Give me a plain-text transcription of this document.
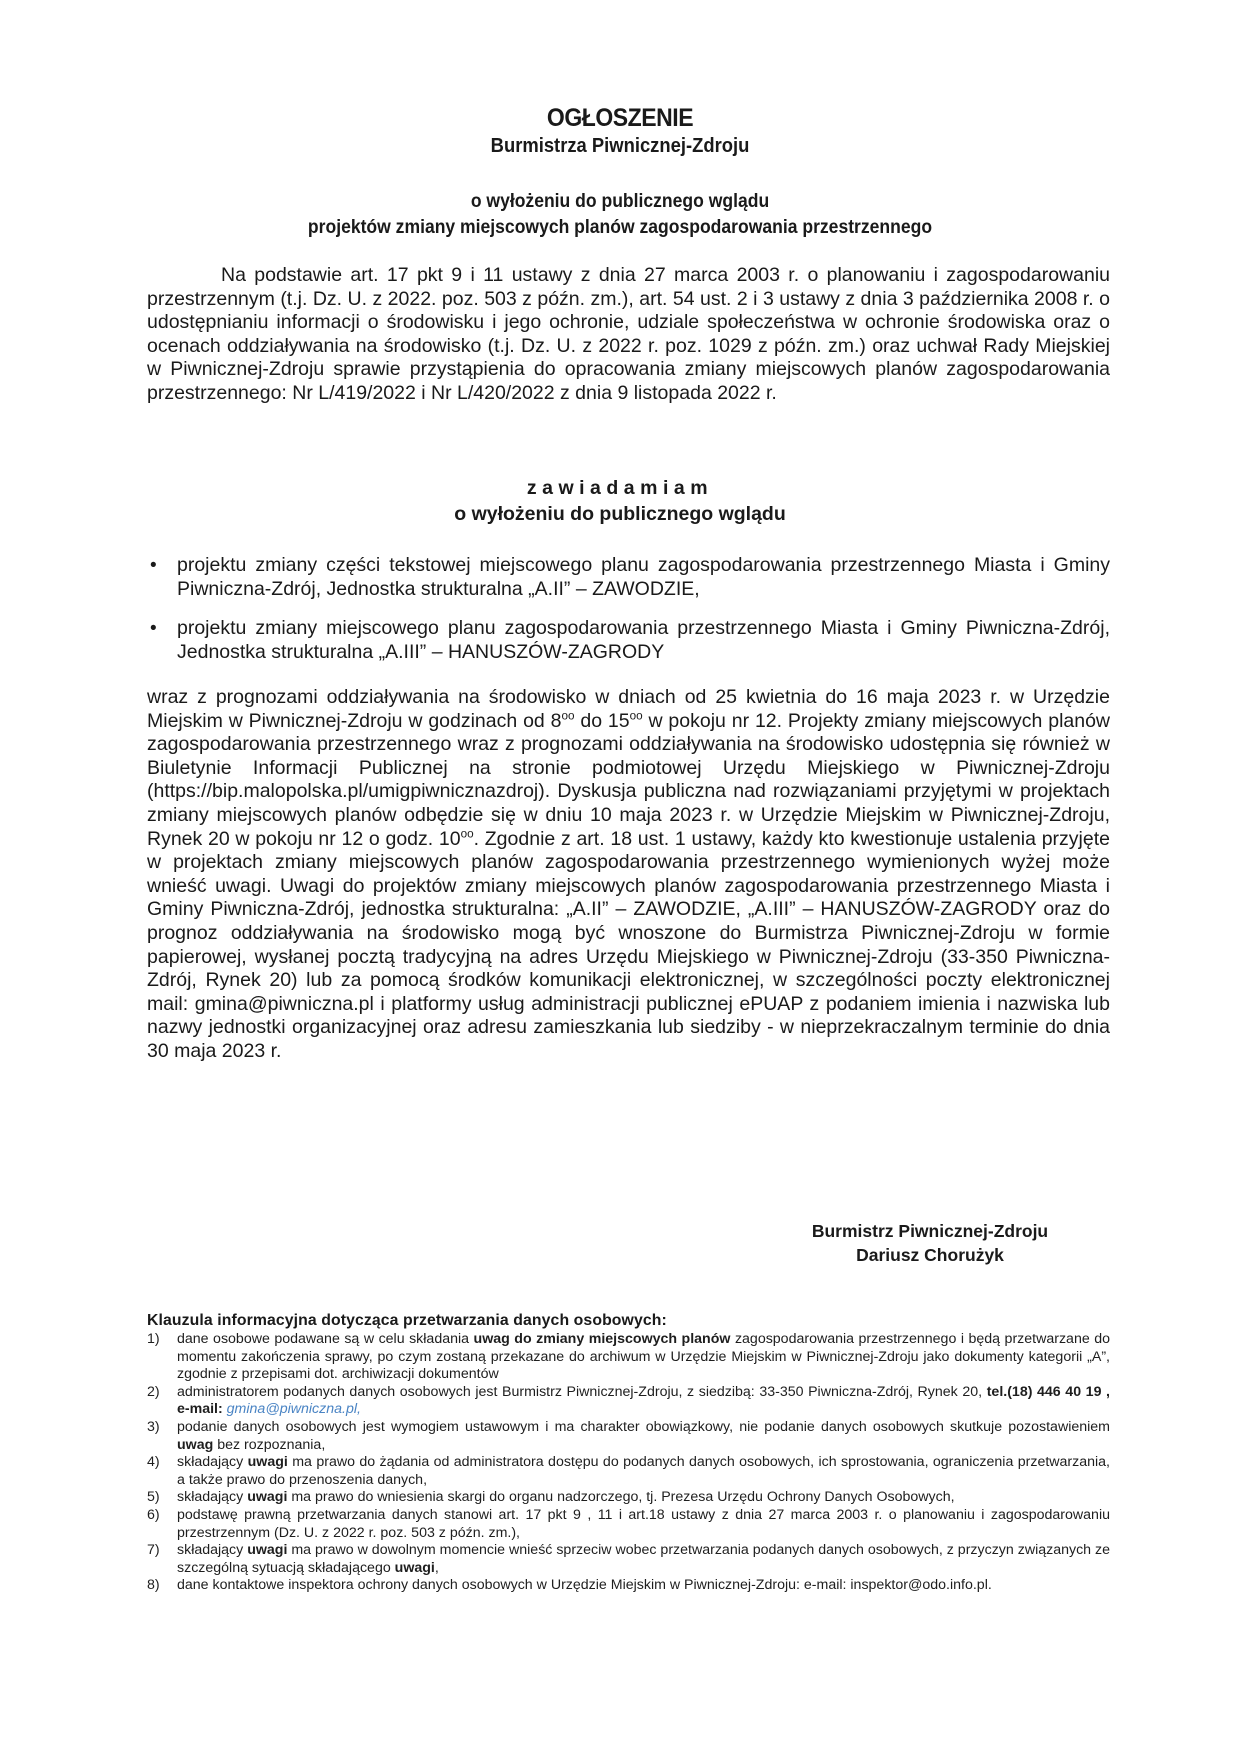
OGŁOSZENIE
Burmistrza Piwnicznej-Zdroju
o wyłożeniu do publicznego wglądu
projektów zmiany miejscowych planów zagospodarowania przestrzennego
Na podstawie art. 17 pkt 9 i 11 ustawy z dnia 27 marca 2003 r. o planowaniu i zagospodarowaniu przestrzennym (t.j. Dz. U. z 2022. poz. 503 z późn. zm.), art. 54 ust. 2 i 3 ustawy z dnia 3 października 2008 r. o udostępnianiu informacji o środowisku i jego ochronie, udziale społeczeństwa w ochronie środowiska oraz o ocenach oddziaływania na środowisko (t.j. Dz. U. z 2022 r. poz. 1029 z późn. zm.) oraz uchwał Rady Miejskiej w Piwnicznej-Zdroju sprawie przystąpienia do opracowania zmiany miejscowych planów zagospodarowania przestrzennego: Nr L/419/2022 i Nr L/420/2022 z dnia 9 listopada 2022 r.
zawiadamiam
o wyłożeniu do publicznego wglądu
• projektu zmiany części tekstowej miejscowego planu zagospodarowania przestrzennego Miasta i Gminy Piwniczna-Zdrój, Jednostka strukturalna „A.II” – ZAWODZIE,
• projektu zmiany miejscowego planu zagospodarowania przestrzennego Miasta i Gminy Piwniczna-Zdrój, Jednostka strukturalna „A.III” – HANUSZÓW-ZAGRODY
wraz z prognozami oddziaływania na środowisko w dniach od 25 kwietnia do 16 maja 2023 r. w Urzędzie Miejskim w Piwnicznej-Zdroju w godzinach od $8^{oo}$ do $15^{oo}$ w pokoju nr 12. Projekty zmiany miejscowych planów zagospodarowania przestrzennego wraz z prognozami oddziaływania na środowisko udostępnia się również w Biuletynie Informacji Publicznej na stronie podmiotowej Urzędu Miejskiego w Piwnicznej-Zdroju (https://bip.malopolska.pl/umigpiwnicznazdroj). Dyskusja publiczna nad rozwiązaniami przyjętymi w projektach zmiany miejscowych planów odbędzie się w dniu 10 maja 2023 r. w Urzędzie Miejskim w Piwnicznej-Zdroju, Rynek 20 w pokoju nr 12 o godz. $10^{oo}$. Zgodnie z art. 18 ust. 1 ustawy, każdy kto kwestionuje ustalenia przyjęte w projektach zmiany miejscowych planów zagospodarowania przestrzennego wymienionych wyżej może wnieść uwagi. Uwagi do projektów zmiany miejscowych planów zagospodarowania przestrzennego Miasta i Gminy Piwniczna-Zdrój, jednostka strukturalna: „A.II” – ZAWODZIE, „A.III” – HANUSZÓW-ZAGRODY oraz do prognoz oddziaływania na środowisko mogą być wnoszone do Burmistrza Piwnicznej-Zdroju w formie papierowej, wysłanej pocztą tradycyjną na adres Urzędu Miejskiego w Piwnicznej-Zdroju (33-350 Piwniczna-Zdrój, Rynek 20) lub za pomocą środków komunikacji elektronicznej, w szczególności poczty elektronicznej mail: gmina@piwniczna.pl i platformy usług administracji publicznej ePUAP z podaniem imienia i nazwiska lub nazwy jednostki organizacyjnej oraz adresu zamieszkania lub siedziby - w nieprzekraczalnym terminie do dnia 30 maja 2023 r.
Burmistrz Piwnicznej-Zdroju
Dariusz Chorużyk
Klauzula informacyjna dotycząca przetwarzania danych osobowych:
1) dane osobowe podawane są w celu składania uwag do zmiany miejscowych planów zagospodarowania przestrzennego i będą przetwarzane do momentu zakończenia sprawy, po czym zostaną przekazane do archiwum w Urzędzie Miejskim w Piwnicznej-Zdroju jako dokumenty kategorii „A”, zgodnie z przepisami dot. archiwizacji dokumentów
2) administratorem podanych danych osobowych jest Burmistrz Piwnicznej-Zdroju, z siedzibą: 33-350 Piwniczna-Zdrój, Rynek 20, tel.(18) 446 40 19 , e-mail: gmina@piwniczna.pl,
3) podanie danych osobowych jest wymogiem ustawowym i ma charakter obowiązkowy, nie podanie danych osobowych skutkuje pozostawieniem uwag bez rozpoznania,
4) składający uwagi ma prawo do żądania od administratora dostępu do podanych danych osobowych, ich sprostowania, ograniczenia przetwarzania, a także prawo do przenoszenia danych,
5) składający uwagi ma prawo do wniesienia skargi do organu nadzorczego, tj. Prezesa Urzędu Ochrony Danych Osobowych,
6) podstawę prawną przetwarzania danych stanowi art. 17 pkt 9 , 11 i art.18 ustawy z dnia 27 marca 2003 r. o planowaniu i zagospodarowaniu przestrzennym (Dz. U. z 2022 r. poz. 503 z późn. zm.),
7) składający uwagi ma prawo w dowolnym momencie wnieść sprzeciw wobec przetwarzania podanych danych osobowych, z przyczyn związanych ze szczególną sytuacją składającego uwagi,
8) dane kontaktowe inspektora ochrony danych osobowych w Urzędzie Miejskim w Piwnicznej-Zdroju: e-mail: inspektor@odo.info.pl.
